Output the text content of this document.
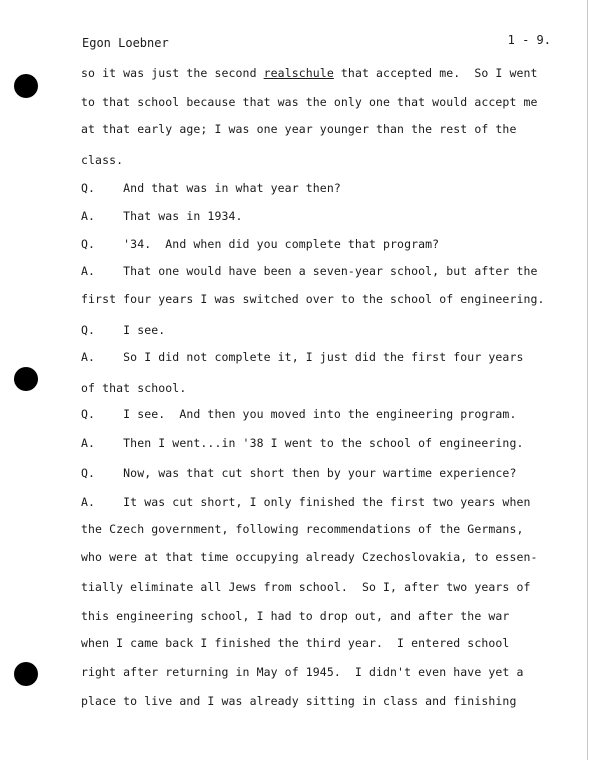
Egon Loebner	1 - 9.
so it was just the second realschule that accepted me.  So I went
to that school because that was the only one that would accept me
at that early age; I was one year younger than the rest of the
class.
Q.    And that was in what year then?
A.    That was in 1934.
Q.    '34.  And when did you complete that program?
A.    That one would have been a seven-year school, but after the
first four years I was switched over to the school of engineering.
Q.    I see.
A.    So I did not complete it, I just did the first four years
of that school.
Q.    I see.  And then you moved into the engineering program.
A.    Then I went...in '38 I went to the school of engineering.
Q.    Now, was that cut short then by your wartime experience?
A.    It was cut short, I only finished the first two years when
the Czech government, following recommendations of the Germans,
who were at that time occupying already Czechoslovakia, to essen-
tially eliminate all Jews from school.  So I, after two years of
this engineering school, I had to drop out, and after the war
when I came back I finished the third year.  I entered school
right after returning in May of 1945.  I didn't even have yet a
place to live and I was already sitting in class and finishing
